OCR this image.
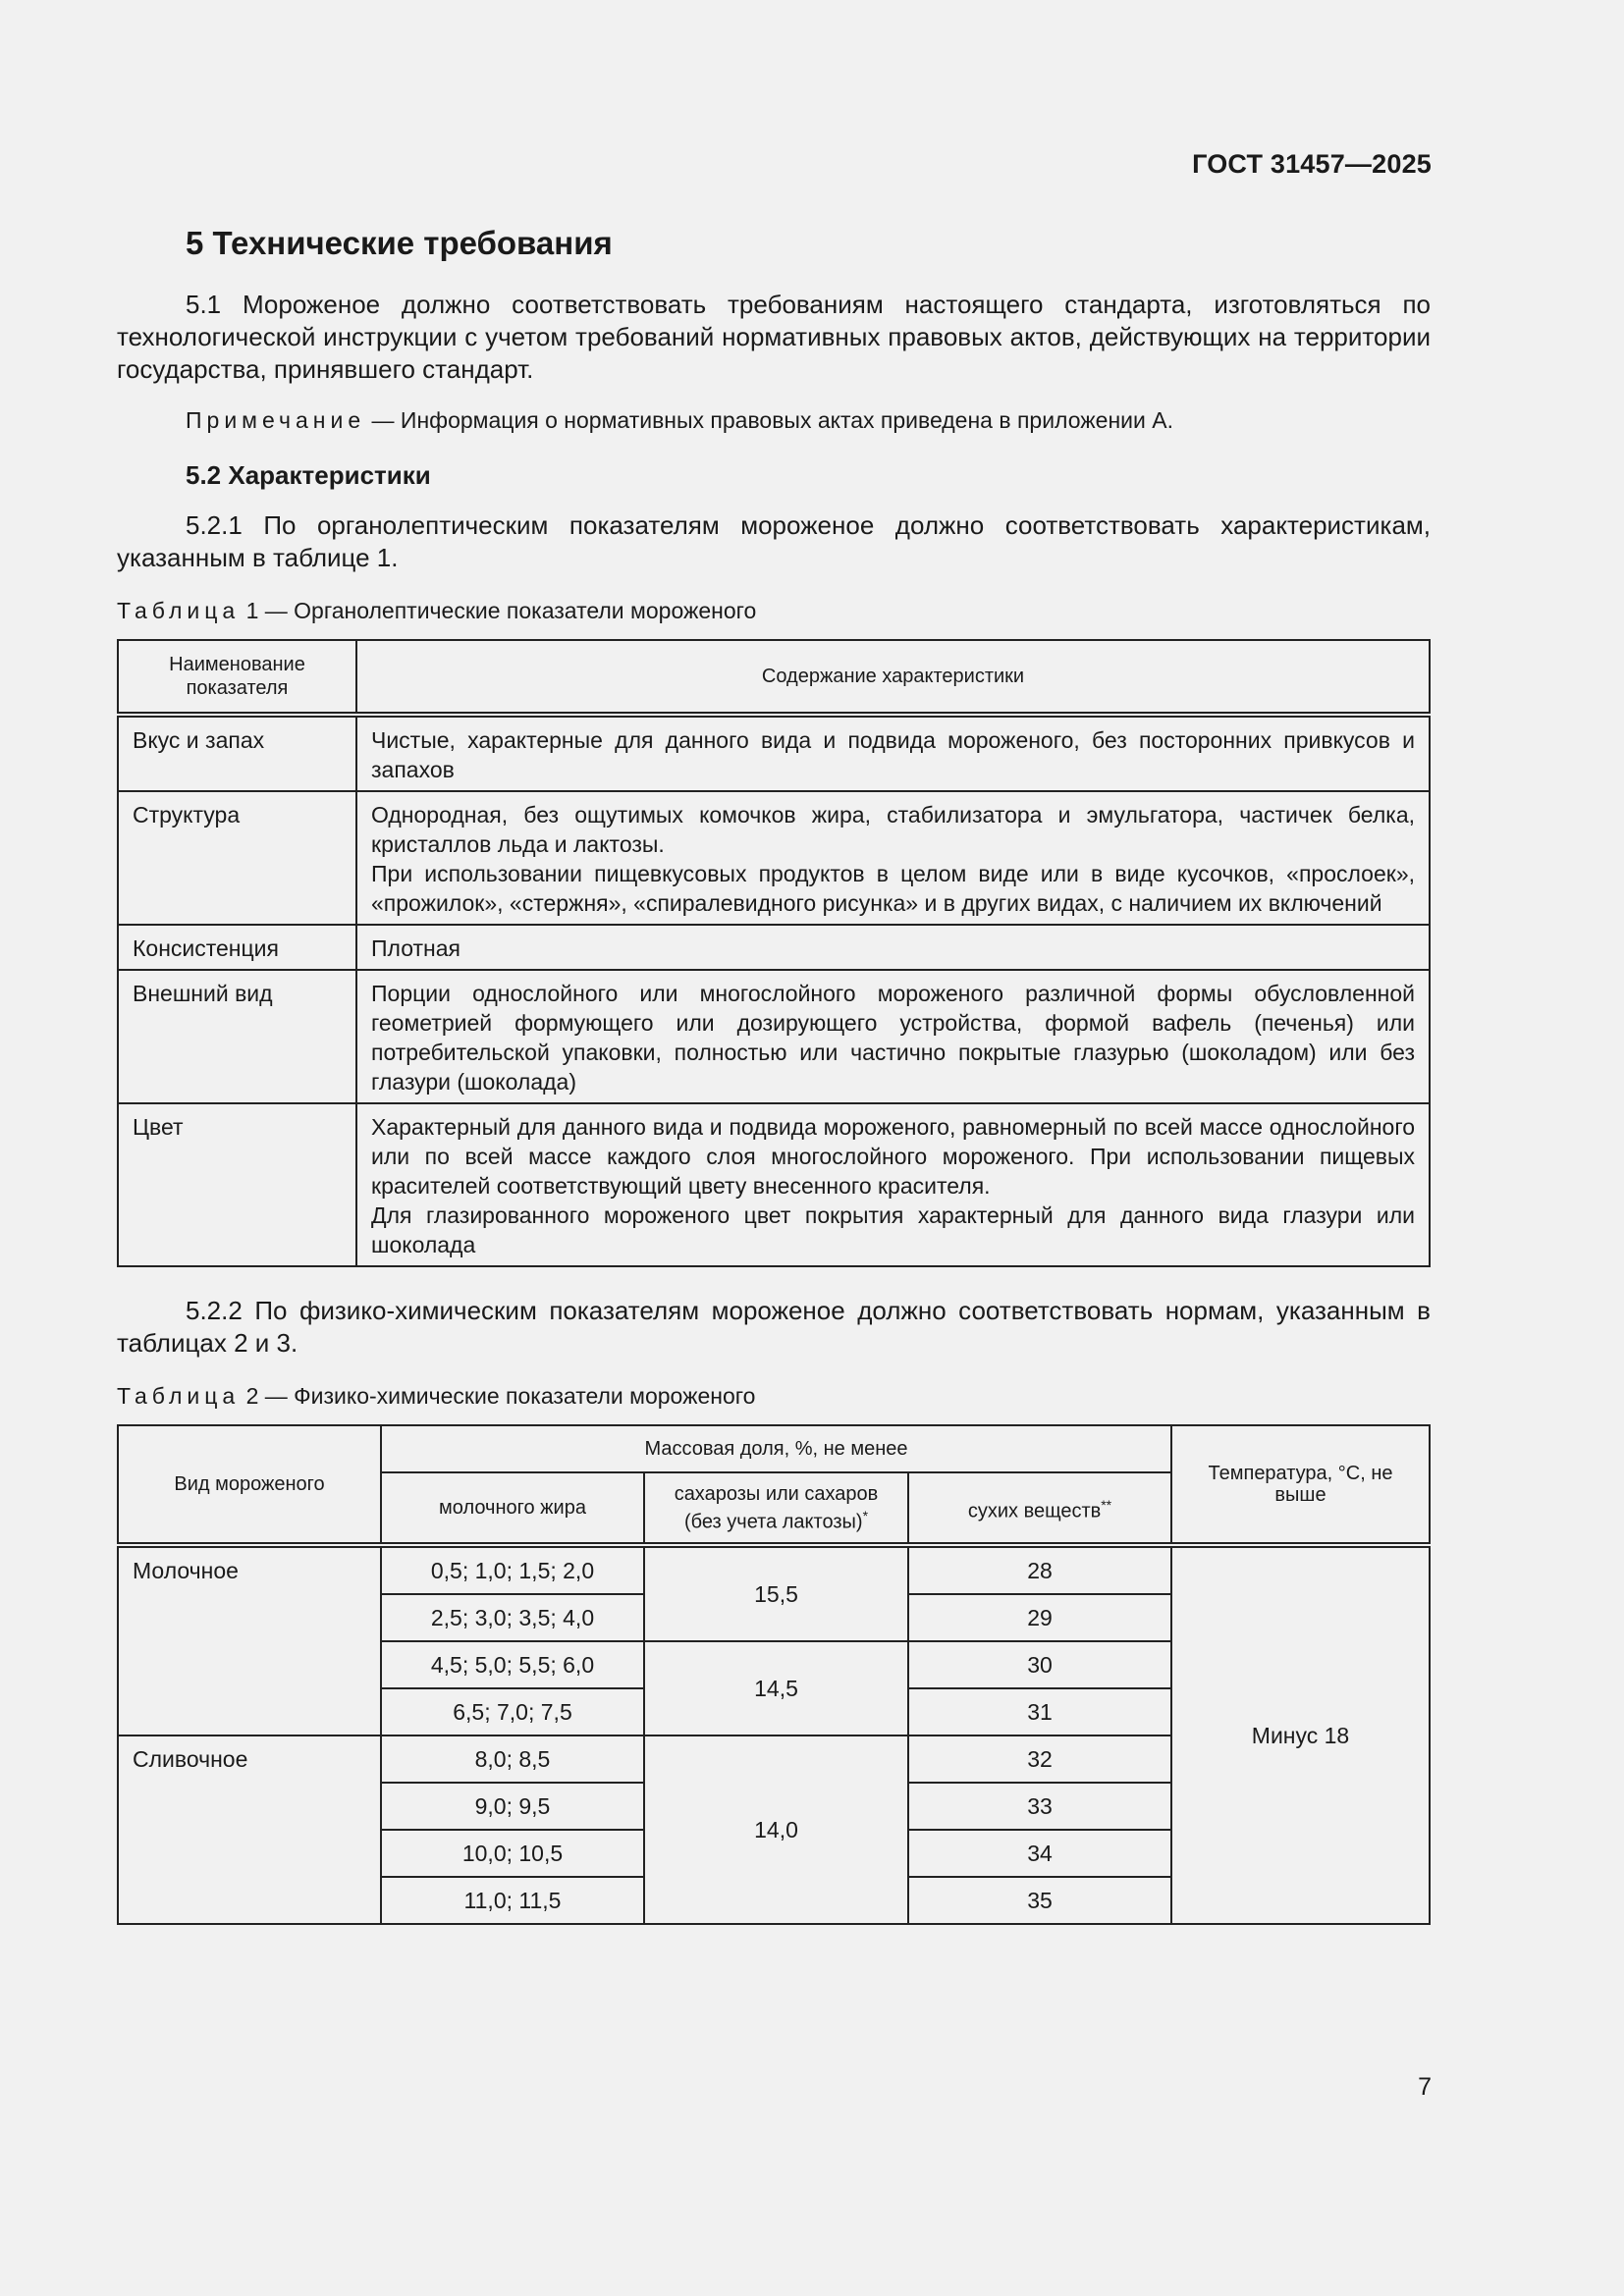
ГОСТ 31457—2025
5 Технические требования

5.1 Мороженое должно соответствовать требованиям настоящего стандарта, изготовляться по технологической инструкции с учетом требований нормативных правовых актов, действующих на территории государства, принявшего стандарт.

Примечание — Информация о нормативных правовых актах приведена в приложении А.

5.2 Характеристики

5.2.1 По органолептическим показателям мороженое должно соответствовать характеристикам, указанным в таблице 1.

Таблица 1 — Органолептические показатели мороженого
Наименование показателя	Содержание характеристики
Вкус и запах	Чистые, характерные для данного вида и подвида мороженого, без посторонних привкусов и запахов
Структура	Однородная, без ощутимых комочков жира, стабилизатора и эмульгатора, частичек белка, кристаллов льда и лактозы.
При использовании пищевкусовых продуктов в целом виде или в виде кусочков, «прослоек», «прожилок», «стержня», «спиралевидного рисунка» и в других видах, с наличием их включений

Консистенция	Плотная
Внешний вид	Порции однослойного или многослойного мороженого различной формы обусловленной геометрией формующего или дозирующего устройства, формой вафель (печенья) или потребительской упаковки, полностью или частично покрытые глазурью (шоколадом) или без глазури (шоколада)
Цвет	Характерный для данного вида и подвида мороженого, равномерный по всей массе однослойного или по всей массе каждого слоя многослойного мороженого. При использовании пищевых красителей соответствующий цвету внесенного красителя.
Для глазированного мороженого цвет покрытия характерный для данного вида глазури или шоколада

5.2.2 По физико-химическим показателям мороженое должно соответствовать нормам, указанным в таблицах 2 и 3.

Таблица 2 — Физико-химические показатели мороженого
Вид мороженого	Массовая доля, %, не менее			Температура, °С, не выше
	молочного жира	сахарозы или сахаров (без учета лактозы)*	сухих веществ**
Молочное	0,5; 1,0; 1,5; 2,0	15,5	28	Минус 18
	2,5; 3,0; 3,5; 4,0		29	
	4,5; 5,0; 5,5; 6,0	14,5	30	
	6,5; 7,0; 7,5		31	
Сливочное	8,0; 8,5	14,0	32	
	9,0; 9,5		33	
	10,0; 10,5		34	
	11,0; 11,5		35	
7
